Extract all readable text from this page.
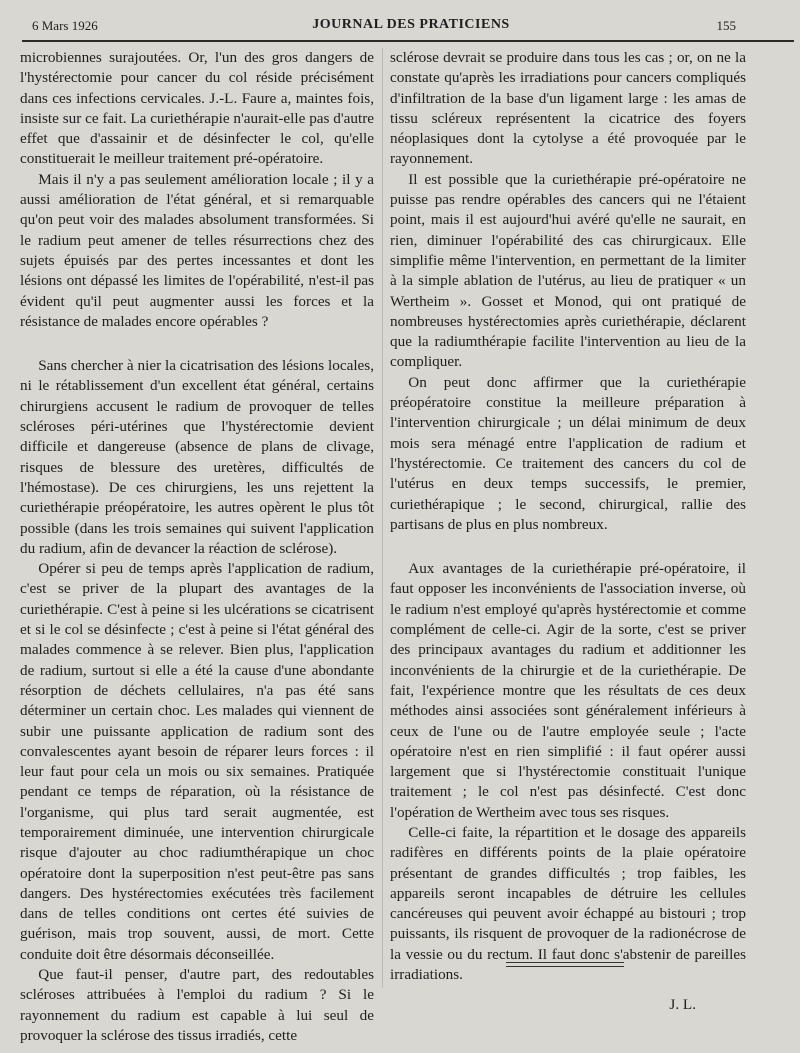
6 Mars 1926	JOURNAL DES PRATICIENS	155

microbiennes surajoutées. Or, l'un des gros dangers de l'hystérectomie pour cancer du col réside précisément dans ces infections cervicales. J.-L. Faure a, maintes fois, insiste sur ce fait. La curiethérapie n'aurait-elle pas d'autre effet que d'assainir et de désinfecter le col, qu'elle constituerait le meilleur traitement pré-opératoire.

Mais il n'y a pas seulement amélioration locale ; il y a aussi amélioration de l'état général, et si remarquable qu'on peut voir des malades absolument transformées. Si le radium peut amener de telles résurrections chez des sujets épuisés par des pertes incessantes et dont les lésions ont dépassé les limites de l'opérabilité, n'est-il pas évident qu'il peut augmenter aussi les forces et la résistance de malades encore opérables ?

Sans chercher à nier la cicatrisation des lésions locales, ni le rétablissement d'un excellent état général, certains chirurgiens accusent le radium de provoquer de telles scléroses péri-utérines que l'hystérectomie devient difficile et dangereuse (absence de plans de clivage, risques de blessure des uretères, difficultés de l'hémostase). De ces chirurgiens, les uns rejettent la curiethérapie préopératoire, les autres opèrent le plus tôt possible (dans les trois semaines qui suivent l'application du radium, afin de devancer la réaction de sclérose).

Opérer si peu de temps après l'application de radium, c'est se priver de la plupart des avantages de la curiethérapie. C'est à peine si les ulcérations se cicatrisent et si le col se désinfecte ; c'est à peine si l'état général des malades commence à se relever. Bien plus, l'application de radium, surtout si elle a été la cause d'une abondante résorption de déchets cellulaires, n'a pas été sans déterminer un certain choc. Les malades qui viennent de subir une puissante application de radium sont des convalescentes ayant besoin de réparer leurs forces : il leur faut pour cela un mois ou six semaines. Pratiquée pendant ce temps de réparation, où la résistance de l'organisme, qui plus tard serait augmentée, est temporairement diminuée, une intervention chirurgicale risque d'ajouter au choc radiumthérapique un choc opératoire dont la superposition n'est peut-être pas sans dangers. Des hystérectomies exécutées très facilement dans de telles conditions ont certes été suivies de guérison, mais trop souvent, aussi, de mort. Cette conduite doit être désormais déconseillée.

Que faut-il penser, d'autre part, des redoutables scléroses attribuées à l'emploi du radium ? Si le rayonnement du radium est capable à lui seul de provoquer la sclérose des tissus irradiés, cette

sclérose devrait se produire dans tous les cas ; or, on ne la constate qu'après les irradiations pour cancers compliqués d'infiltration de la base d'un ligament large : les amas de tissu scléreux représentent la cicatrice des foyers néoplasiques dont la cytolyse a été provoquée par le rayonnement.

Il est possible que la curiethérapie pré-opératoire ne puisse pas rendre opérables des cancers qui ne l'étaient point, mais il est aujourd'hui avéré qu'elle ne saurait, en rien, diminuer l'opérabilité des cas chirurgicaux. Elle simplifie même l'intervention, en permettant de la limiter à la simple ablation de l'utérus, au lieu de pratiquer « un Wertheim ». Gosset et Monod, qui ont pratiqué de nombreuses hystérectomies après curiethérapie, déclarent que la radiumthérapie facilite l'intervention au lieu de la compliquer.

On peut donc affirmer que la curiethérapie préopératoire constitue la meilleure préparation à l'intervention chirurgicale ; un délai minimum de deux mois sera ménagé entre l'application de radium et l'hystérectomie. Ce traitement des cancers du col de l'utérus en deux temps successifs, le premier, curiethérapique ; le second, chirurgical, rallie des partisans de plus en plus nombreux.

Aux avantages de la curiethérapie pré-opératoire, il faut opposer les inconvénients de l'association inverse, où le radium n'est employé qu'après hystérectomie et comme complément de celle-ci. Agir de la sorte, c'est se priver des principaux avantages du radium et additionner les inconvénients de la chirurgie et de la curiethérapie. De fait, l'expérience montre que les résultats de ces deux méthodes ainsi associées sont généralement inférieurs à ceux de l'une ou de l'autre employée seule ; l'acte opératoire n'est en rien simplifié : il faut opérer aussi largement que si l'hystérectomie constituait l'unique traitement ; le col n'est pas désinfecté. C'est donc l'opération de Wertheim avec tous ses risques.

Celle-ci faite, la répartition et le dosage des appareils radifères en différents points de la plaie opératoire présentant de grandes difficultés ; trop faibles, les appareils seront incapables de détruire les cellules cancéreuses qui peuvent avoir échappé au bistouri ; trop puissants, ils risquent de provoquer de la radionécrose de la vessie ou du rectum. Il faut donc s'abstenir de pareilles irradiations.

J. L.
